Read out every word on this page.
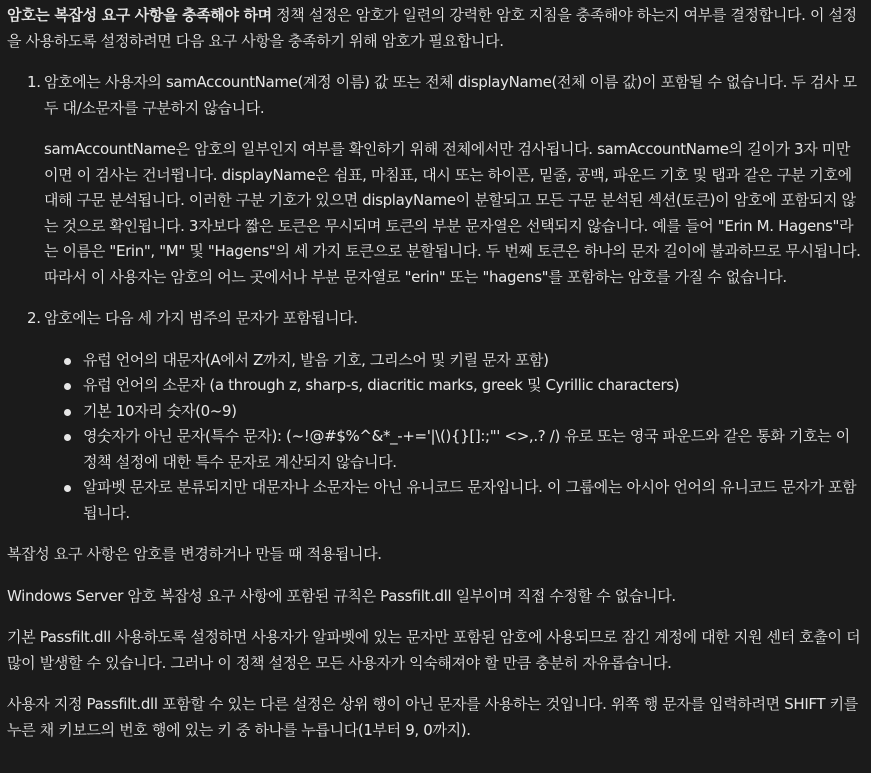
암호는 복잡성 요구 사항을 충족해야 하며 정책 설정은 암호가 일련의 강력한 암호 지침을 충족해야 하는지 여부를 결정합니다. 이 설정을 사용하도록 설정하려면 다음 요구 사항을 충족하기 위해 암호가 필요합니다.

1. 암호에는 사용자의 samAccountName(계정 이름) 값 또는 전체 displayName(전체 이름 값)이 포함될 수 없습니다. 두 검사 모두 대/소문자를 구분하지 않습니다.

samAccountName은 암호의 일부인지 여부를 확인하기 위해 전체에서만 검사됩니다. samAccountName의 길이가 3자 미만이면 이 검사는 건너뜁니다. displayName은 쉼표, 마침표, 대시 또는 하이픈, 밑줄, 공백, 파운드 기호 및 탭과 같은 구분 기호에 대해 구문 분석됩니다. 이러한 구분 기호가 있으면 displayName이 분할되고 모든 구문 분석된 섹션(토큰)이 암호에 포함되지 않는 것으로 확인됩니다. 3자보다 짧은 토큰은 무시되며 토큰의 부분 문자열은 선택되지 않습니다. 예를 들어 "Erin M. Hagens"라는 이름은 "Erin", "M" 및 "Hagens"의 세 가지 토큰으로 분할됩니다. 두 번째 토큰은 하나의 문자 길이에 불과하므로 무시됩니다. 따라서 이 사용자는 암호의 어느 곳에서나 부분 문자열로 "erin" 또는 "hagens"를 포함하는 암호를 가질 수 없습니다.

2. 암호에는 다음 세 가지 범주의 문자가 포함됩니다.

유럽 언어의 대문자(A에서 Z까지, 발음 기호, 그리스어 및 키릴 문자 포함)
유럽 언어의 소문자 (a through z, sharp-s, diacritic marks, greek 및 Cyrillic characters)
기본 10자리 숫자(0~9)
영숫자가 아닌 문자(특수 문자): (~!@#$%^&*_-+='|\(){}[]:;"' <>,.? /) 유로 또는 영국 파운드와 같은 통화 기호는 이 정책 설정에 대한 특수 문자로 계산되지 않습니다.
알파벳 문자로 분류되지만 대문자나 소문자는 아닌 유니코드 문자입니다. 이 그룹에는 아시아 언어의 유니코드 문자가 포함됩니다.

복잡성 요구 사항은 암호를 변경하거나 만들 때 적용됩니다.

Windows Server 암호 복잡성 요구 사항에 포함된 규칙은 Passfilt.dll 일부이며 직접 수정할 수 없습니다.

기본 Passfilt.dll 사용하도록 설정하면 사용자가 알파벳에 있는 문자만 포함된 암호에 사용되므로 잠긴 계정에 대한 지원 센터 호출이 더 많이 발생할 수 있습니다. 그러나 이 정책 설정은 모든 사용자가 익숙해져야 할 만큼 충분히 자유롭습니다.

사용자 지정 Passfilt.dll 포함할 수 있는 다른 설정은 상위 행이 아닌 문자를 사용하는 것입니다. 위쪽 행 문자를 입력하려면 SHIFT 키를 누른 채 키보드의 번호 행에 있는 키 중 하나를 누릅니다(1부터 9, 0까지).
